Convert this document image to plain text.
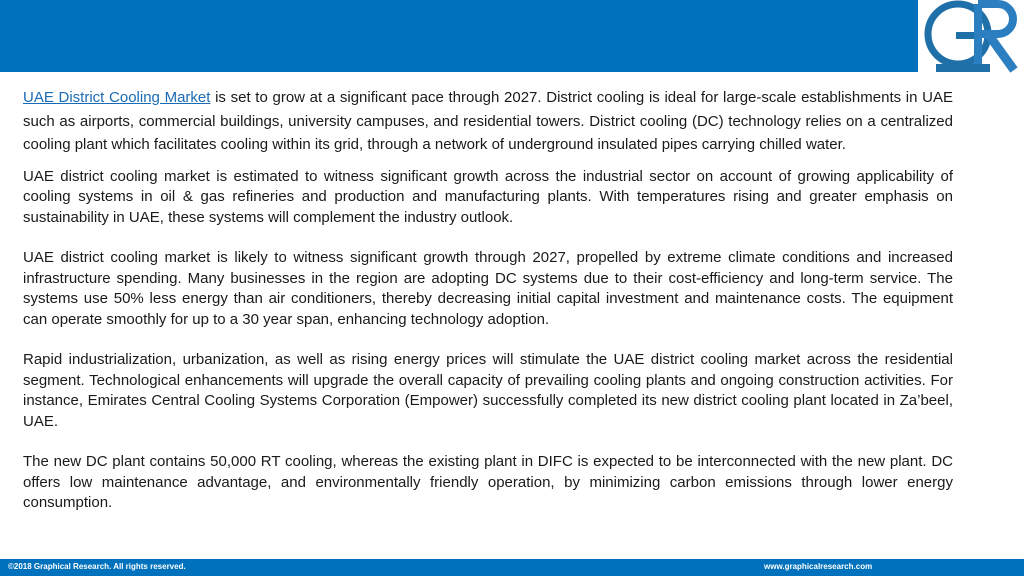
UAE District Cooling Market is set to grow at a significant pace through 2027. District cooling is ideal for large-scale establishments in UAE such as airports, commercial buildings, university campuses, and residential towers. District cooling (DC) technology relies on a centralized cooling plant which facilitates cooling within its grid, through a network of underground insulated pipes carrying chilled water.

UAE district cooling market is estimated to witness significant growth across the industrial sector on account of growing applicability of cooling systems in oil & gas refineries and production and manufacturing plants. With temperatures rising and greater emphasis on sustainability in UAE, these systems will complement the industry outlook.

UAE district cooling market is likely to witness significant growth through 2027, propelled by extreme climate conditions and increased infrastructure spending. Many businesses in the region are adopting DC systems due to their cost-efficiency and long-term service. The systems use 50% less energy than air conditioners, thereby decreasing initial capital investment and maintenance costs. The equipment can operate smoothly for up to a 30 year span, enhancing technology adoption.

Rapid industrialization, urbanization, as well as rising energy prices will stimulate the UAE district cooling market across the residential segment. Technological enhancements will upgrade the overall capacity of prevailing cooling plants and ongoing construction activities. For instance, Emirates Central Cooling Systems Corporation (Empower) successfully completed its new district cooling plant located in Za’beel, UAE.

The new DC plant contains 50,000 RT cooling, whereas the existing plant in DIFC is expected to be interconnected with the new plant. DC offers low maintenance advantage, and environmentally friendly operation, by minimizing carbon emissions through lower energy consumption.

©2018 Graphical Research. All rights reserved.	www.graphicalresearch.com
